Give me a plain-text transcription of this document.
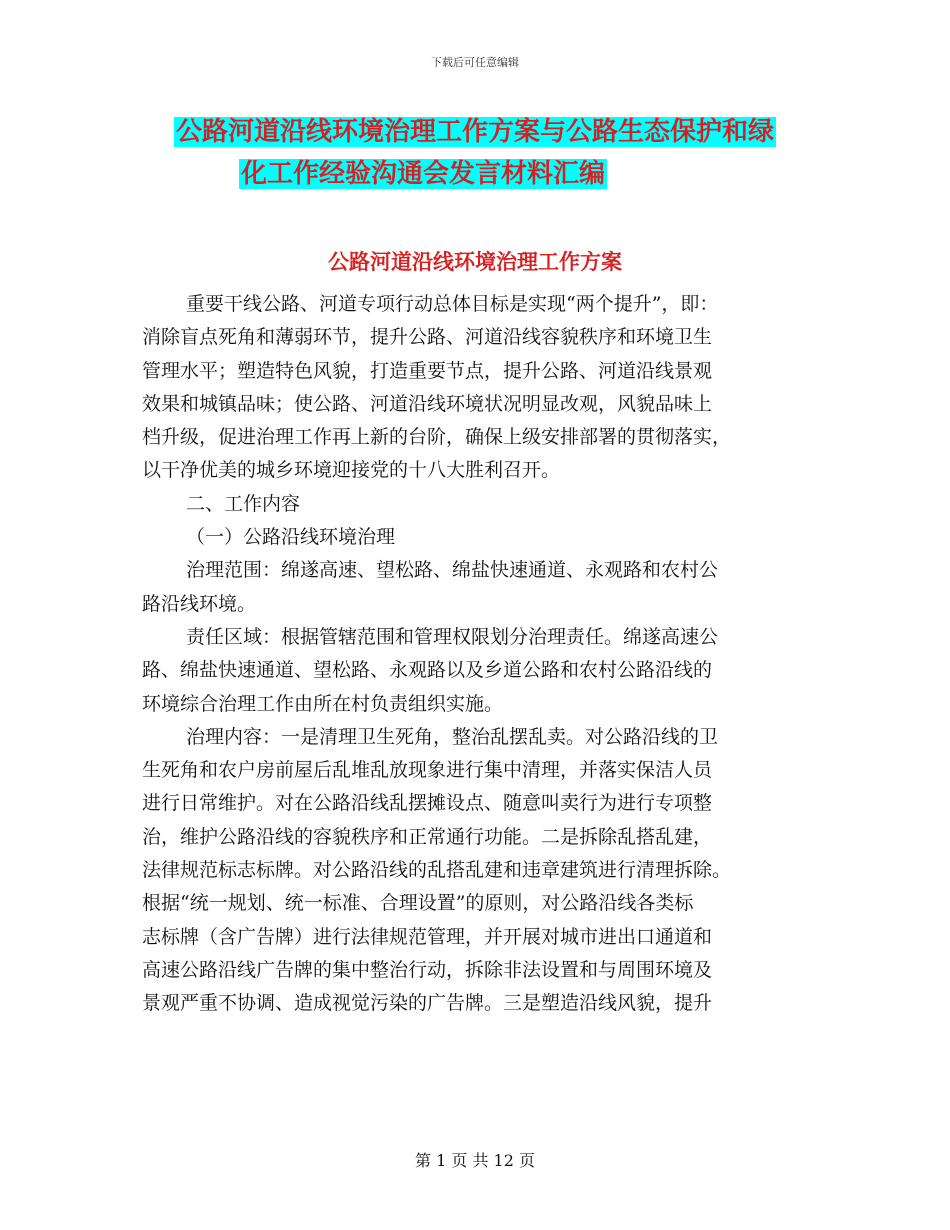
下载后可任意编辑
公路河道沿线环境治理工作方案与公路生态保护和绿
化工作经验沟通会发言材料汇编
公路河道沿线环境治理工作方案
重要干线公路、河道专项行动总体目标是实现“两个提升”，即：
消除盲点死角和薄弱环节，提升公路、河道沿线容貌秩序和环境卫生
管理水平；塑造特色风貌，打造重要节点，提升公路、河道沿线景观
效果和城镇品味；使公路、河道沿线环境状况明显改观，风貌品味上
档升级，促进治理工作再上新的台阶，确保上级安排部署的贯彻落实，
以干净优美的城乡环境迎接党的十八大胜利召开。
二、工作内容
（一）公路沿线环境治理
治理范围：绵遂高速、望松路、绵盐快速通道、永观路和农村公
路沿线环境。
责任区域：根据管辖范围和管理权限划分治理责任。绵遂高速公
路、绵盐快速通道、望松路、永观路以及乡道公路和农村公路沿线的
环境综合治理工作由所在村负责组织实施。
治理内容：一是清理卫生死角，整治乱摆乱卖。对公路沿线的卫
生死角和农户房前屋后乱堆乱放现象进行集中清理，并落实保洁人员
进行日常维护。对在公路沿线乱摆摊设点、随意叫卖行为进行专项整
治，维护公路沿线的容貌秩序和正常通行功能。二是拆除乱搭乱建，
法律规范标志标牌。对公路沿线的乱搭乱建和违章建筑进行清理拆除。
根据“统一规划、统一标准、合理设置”的原则，对公路沿线各类标
志标牌（含广告牌）进行法律规范管理，并开展对城市进出口通道和
高速公路沿线广告牌的集中整治行动，拆除非法设置和与周围环境及
景观严重不协调、造成视觉污染的广告牌。三是塑造沿线风貌，提升
第 1 页 共 12 页
